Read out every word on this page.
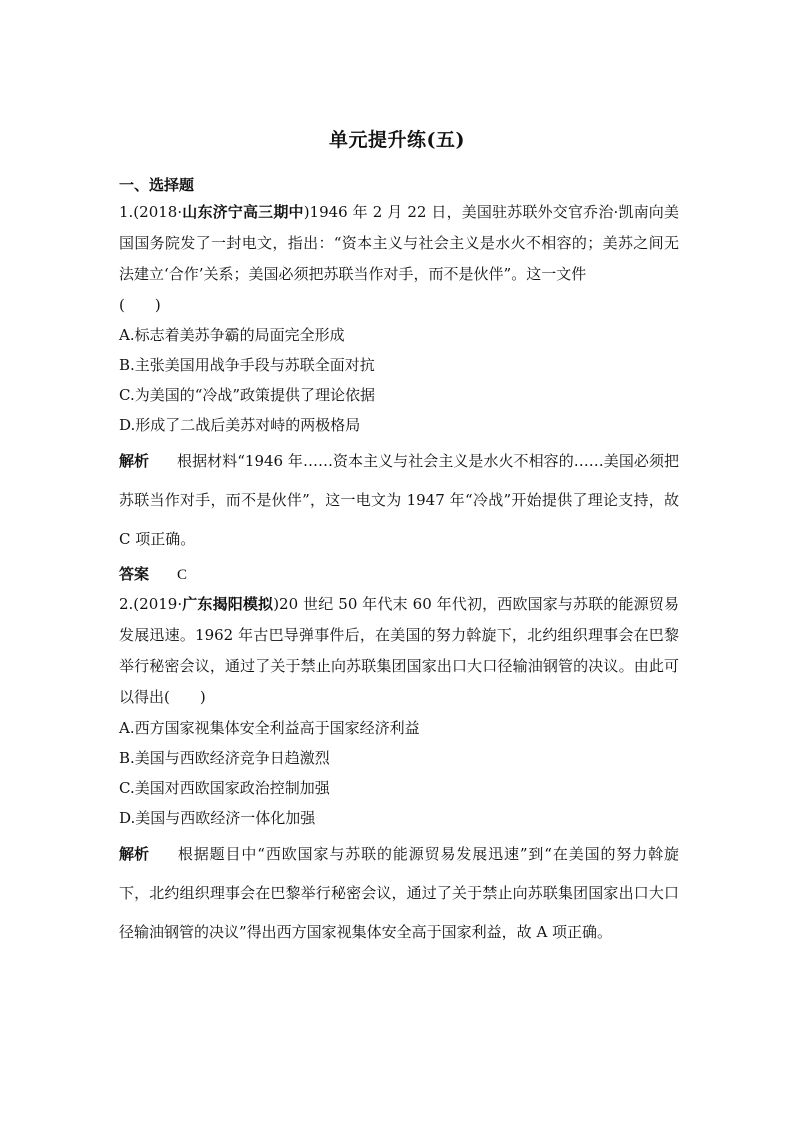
单元提升练(五)
一、选择题

1.(2018·山东济宁高三期中)1946 年 2 月 22 日，美国驻苏联外交官乔治·凯南向美国国务院发了一封电文，指出：“资本主义与社会主义是水火不相容的；美苏之间无法建立‘合作’关系；美国必须把苏联当作对手，而不是伙伴”。这一文件

(　　)
A.标志着美苏争霸的局面完全形成
B.主张美国用战争手段与苏联全面对抗
C.为美国的“冷战”政策提供了理论依据
D.形成了二战后美苏对峙的两极格局

解析 根据材料“1946 年……资本主义与社会主义是水火不相容的……美国必须把苏联当作对手，而不是伙伴”，这一电文为 1947 年“冷战”开始提供了理论支持，故 C 项正确。

答案 C

2.(2019·广东揭阳模拟)20 世纪 50 年代末 60 年代初，西欧国家与苏联的能源贸易发展迅速。1962 年古巴导弹事件后，在美国的努力斡旋下，北约组织理事会在巴黎举行秘密会议，通过了关于禁止向苏联集团国家出口大口径输油钢管的决议。由此可以得出(　　)

A.西方国家视集体安全利益高于国家经济利益
B.美国与西欧经济竞争日趋激烈
C.美国对西欧国家政治控制加强
D.美国与西欧经济一体化加强

解析 根据题目中“西欧国家与苏联的能源贸易发展迅速”到“在美国的努力斡旋下，北约组织理事会在巴黎举行秘密会议，通过了关于禁止向苏联集团国家出口大口径输油钢管的决议”得出西方国家视集体安全高于国家利益，故 A 项正确。
